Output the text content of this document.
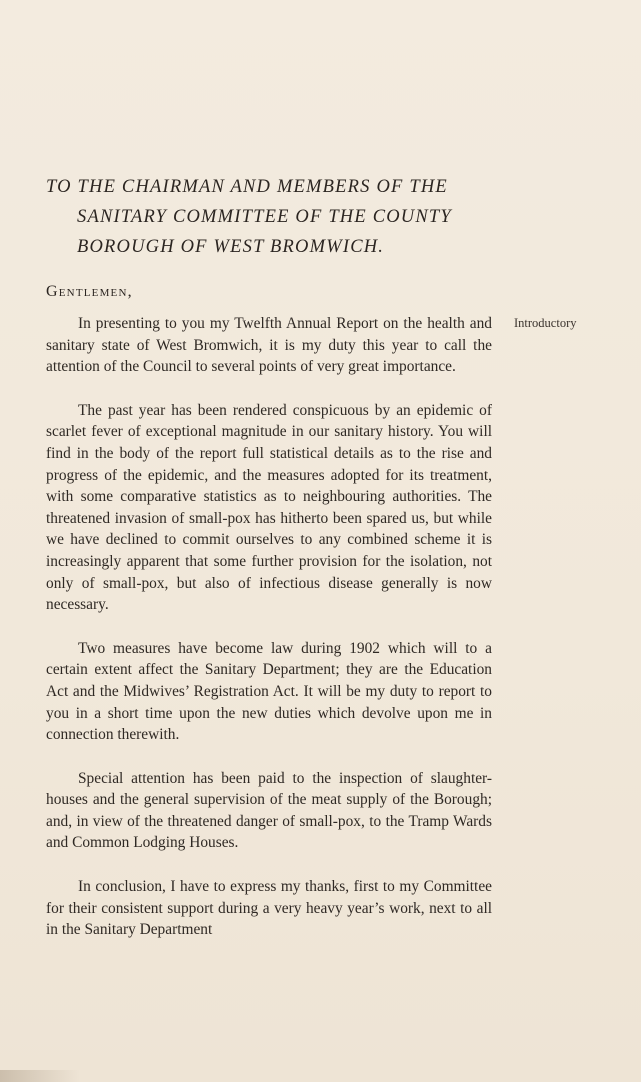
TO THE CHAIRMAN AND MEMBERS OF THE
SANITARY COMMITTEE OF THE COUNTY
BOROUGH OF WEST BROMWICH.
Gentlemen,
Introductory

In presenting to you my Twelfth Annual Report on the health and sanitary state of West Bromwich, it is my duty this year to call the attention of the Council to several points of very great importance.

The past year has been rendered conspicuous by an epidemic of scarlet fever of exceptional magnitude in our sanitary history. You will find in the body of the report full statistical details as to the rise and progress of the epidemic, and the measures adopted for its treatment, with some comparative statistics as to neighbouring authorities. The threatened invasion of small-pox has hitherto been spared us, but while we have declined to commit ourselves to any combined scheme it is increasingly apparent that some further provision for the isolation, not only of small-pox, but also of infectious disease generally is now necessary.

Two measures have become law during 1902 which will to a certain extent affect the Sanitary Department; they are the Education Act and the Midwives’ Registration Act. It will be my duty to report to you in a short time upon the new duties which devolve upon me in connection therewith.

Special attention has been paid to the inspection of slaughter-houses and the general supervision of the meat supply of the Borough; and, in view of the threatened danger of small-pox, to the Tramp Wards and Common Lodging Houses.

In conclusion, I have to express my thanks, first to my Committee for their consistent support during a very heavy year’s work, next to all in the Sanitary Department
